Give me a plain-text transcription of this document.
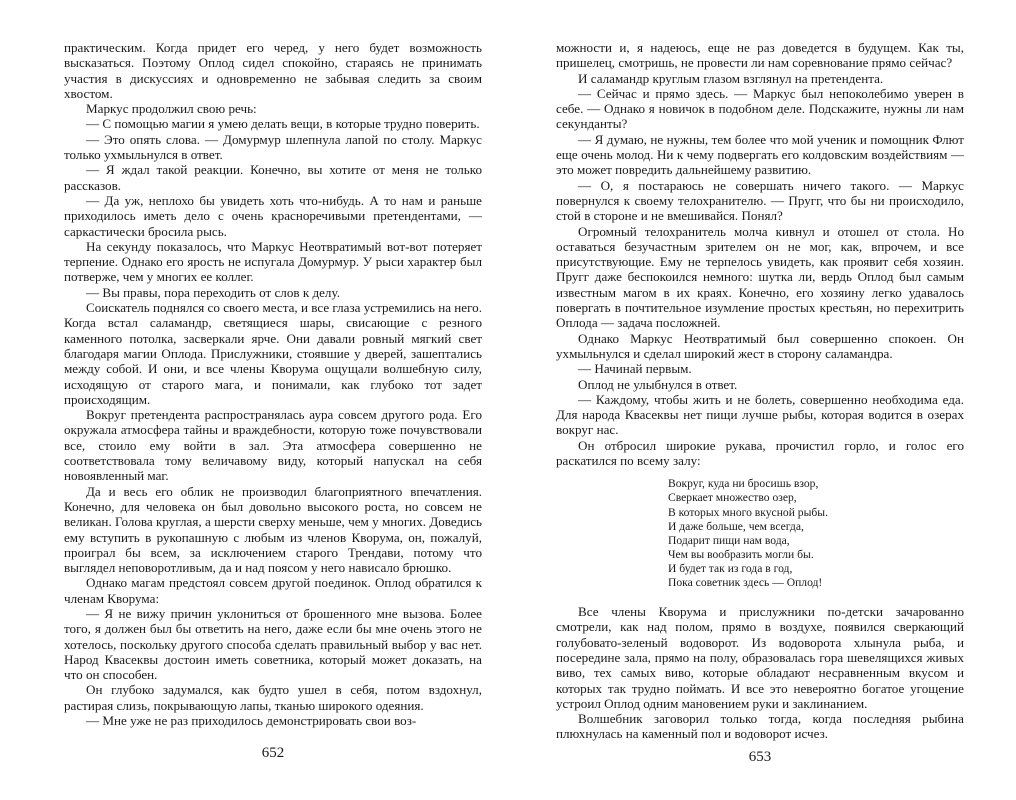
практическим. Когда придет его черед, у него будет возможность высказаться. Поэтому Оплод сидел спокойно, стараясь не принимать участия в дискуссиях и одновременно не забывая следить за своим хвостом.

Маркус продолжил свою речь:

— С помощью магии я умею делать вещи, в которые трудно поверить.

— Это опять слова. — Домурмур шлепнула лапой по столу. Маркус только ухмыльнулся в ответ.

— Я ждал такой реакции. Конечно, вы хотите от меня не только рассказов.

— Да уж, неплохо бы увидеть хоть что-нибудь. А то нам и раньше приходилось иметь дело с очень красноречивыми претендентами, — саркастически бросила рысь.

На секунду показалось, что Маркус Неотвратимый вот-вот потеряет терпение. Однако его ярость не испугала Домурмур. У рыси характер был потверже, чем у многих ее коллег.

— Вы правы, пора переходить от слов к делу.

Соискатель поднялся со своего места, и все глаза устремились на него. Когда встал саламандр, светящиеся шары, свисающие с резного каменного потолка, засверкали ярче. Они давали ровный мягкий свет благодаря магии Оплода. Прислужники, стоявшие у дверей, зашептались между собой. И они, и все члены Кворума ощущали волшебную силу, исходящую от старого мага, и понимали, как глубоко тот задет происходящим.

Вокруг претендента распространялась аура совсем другого рода. Его окружала атмосфера тайны и враждебности, которую тоже почувствовали все, стоило ему войти в зал. Эта атмосфера совершенно не соответствовала тому величавому виду, который напускал на себя новоявленный маг.

Да и весь его облик не производил благоприятного впечатления. Конечно, для человека он был довольно высокого роста, но совсем не великан. Голова круглая, а шерсти сверху меньше, чем у многих. Доведись ему вступить в рукопашную с любым из членов Кворума, он, пожалуй, проиграл бы всем, за исключением старого Трендави, потому что выглядел неповоротливым, да и над поясом у него нависало брюшко.

Однако магам предстоял совсем другой поединок. Оплод обратился к членам Кворума:

— Я не вижу причин уклониться от брошенного мне вызова. Более того, я должен был бы ответить на него, даже если бы мне очень этого не хотелось, поскольку другого способа сделать правильный выбор у вас нет. Народ Квасеквы достоин иметь советника, который может доказать, на что он способен.

Он глубоко задумался, как будто ушел в себя, потом вздохнул, растирая слизь, покрывающую лапы, тканью широкого одеяния.

— Мне уже не раз приходилось демонстрировать свои воз-

652

можности и, я надеюсь, еще не раз доведется в будущем. Как ты, пришелец, смотришь, не провести ли нам соревнование прямо сейчас?

И саламандр круглым глазом взглянул на претендента.

— Сейчас и прямо здесь. — Маркус был непоколебимо уверен в себе. — Однако я новичок в подобном деле. Подскажите, нужны ли нам секунданты?

— Я думаю, не нужны, тем более что мой ученик и помощник Флют еще очень молод. Ни к чему подвергать его колдовским воздействиям — это может повредить дальнейшему развитию.

— О, я постараюсь не совершать ничего такого. — Маркус повернулся к своему телохранителю. — Пругг, что бы ни происходило, стой в стороне и не вмешивайся. Понял?

Огромный телохранитель молча кивнул и отошел от стола. Но оставаться безучастным зрителем он не мог, как, впрочем, и все присутствующие. Ему не терпелось увидеть, как проявит себя хозяин. Пругг даже беспокоился немного: шутка ли, вердь Оплод был самым известным магом в их краях. Конечно, его хозяину легко удавалось повергать в почтительное изумление простых крестьян, но перехитрить Оплода — задача посложней.

Однако Маркус Неотвратимый был совершенно спокоен. Он ухмыльнулся и сделал широкий жест в сторону саламандра.

— Начинай первым.

Оплод не улыбнулся в ответ.

— Каждому, чтобы жить и не болеть, совершенно необходима еда. Для народа Квасеквы нет пищи лучше рыбы, которая водится в озерах вокруг нас.

Он отбросил широкие рукава, прочистил горло, и голос его раскатился по всему залу:

Вокруг, куда ни бросишь взор,
Сверкает множество озер,
В которых много вкусной рыбы.
И даже больше, чем всегда,
Подарит пищи нам вода,
Чем вы вообразить могли бы.
И будет так из года в год,
Пока советник здесь — Оплод!

Все члены Кворума и прислужники по-детски зачарованно смотрели, как над полом, прямо в воздухе, появился сверкающий голубовато-зеленый водоворот. Из водоворота хлынула рыба, и посередине зала, прямо на полу, образовалась гора шевелящихся живых виво, тех самых виво, которые обладают несравненным вкусом и которых так трудно поймать. И все это невероятно богатое угощение устроил Оплод одним мановением руки и заклинанием.

Волшебник заговорил только тогда, когда последняя рыбина плюхнулась на каменный пол и водоворот исчез.

653
